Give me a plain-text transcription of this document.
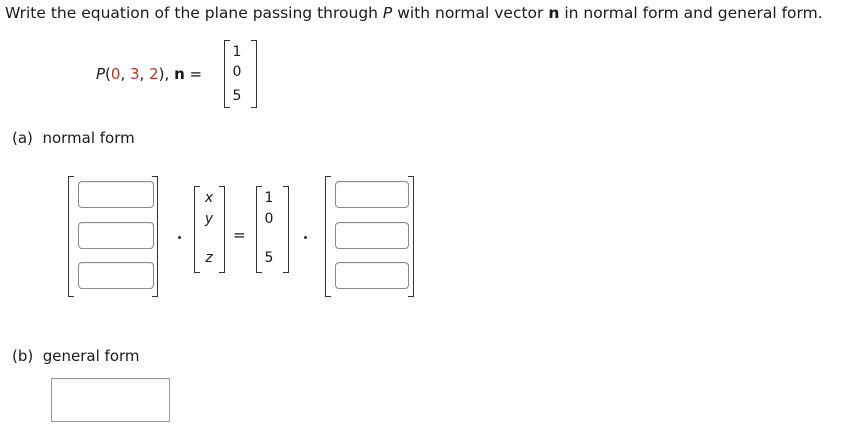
Write the equation of the plane passing through P with normal vector n in normal form and general form.
P(0, 3, 2), n =
1
0
5
(a) normal form
x
y
z
=
1
0
5
(b) general form
